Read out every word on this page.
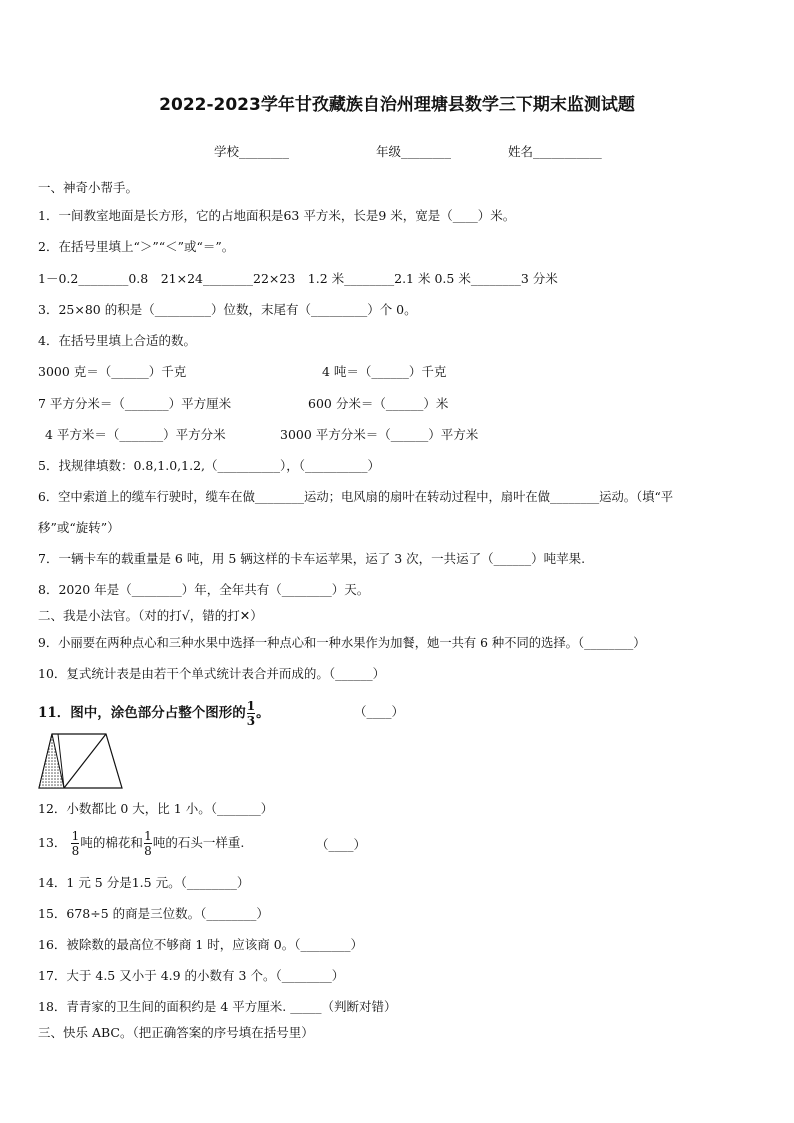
2022-2023学年甘孜藏族自治州理塘县数学三下期末监测试题
学校________	年级________	姓名___________
一、神奇小帮手。
1．一间教室地面是长方形，它的占地面积是63 平方米，长是9 米，宽是（____）米。
2．在括号里填上“＞”“＜”或“＝”。
1－0.2________0.8　21×24________22×23　1.2 米________2.1 米 0.5 米________3 分米
3．25×80 的积是（_________）位数，末尾有（_________）个 0。
4．在括号里填上合适的数。
3000 克＝（______）千克	4 吨＝（______）千克
7 平方分米＝（_______）平方厘米	600 分米＝（______）米
4 平方米＝（_______）平方分米	3000 平方分米＝（______）平方米
5．找规律填数：0.8,1.0,1.2,（__________），（__________）
6．空中索道上的缆车行驶时，缆车在做________运动；电风扇的扇叶在转动过程中，扇叶在做________运动。（填“平
移”或“旋转”）
7．一辆卡车的载重量是 6 吨，用 5 辆这样的卡车运苹果，运了 3 次，一共运了（______）吨苹果.
8．2020 年是（________）年，全年共有（________）天。
二、我是小法官。（对的打√，错的打✕）
9．小丽要在两种点心和三种水果中选择一种点心和一种水果作为加餐，她一共有 6 种不同的选择。（________）
10．复式统计表是由若干个单式统计表合并而成的。（______）
11．图中，涂色部分占整个图形的 $\frac{1}{3}$ 。	（____）
12．小数都比 0 大，比 1 小。（_______）
13． $\frac{1}{8}$ 吨的棉花和 $\frac{1}{8}$ 吨的石头一样重.	（____）
14．1 元 5 分是1.5 元。（________）
15．678÷5 的商是三位数。（________）
16．被除数的最高位不够商 1 时，应该商 0。（________）
17．大于 4.5 又小于 4.9 的小数有 3 个。（________）
18．青青家的卫生间的面积约是 4 平方厘米. _____（判断对错）
三、快乐 ABC。（把正确答案的序号填在括号里）
